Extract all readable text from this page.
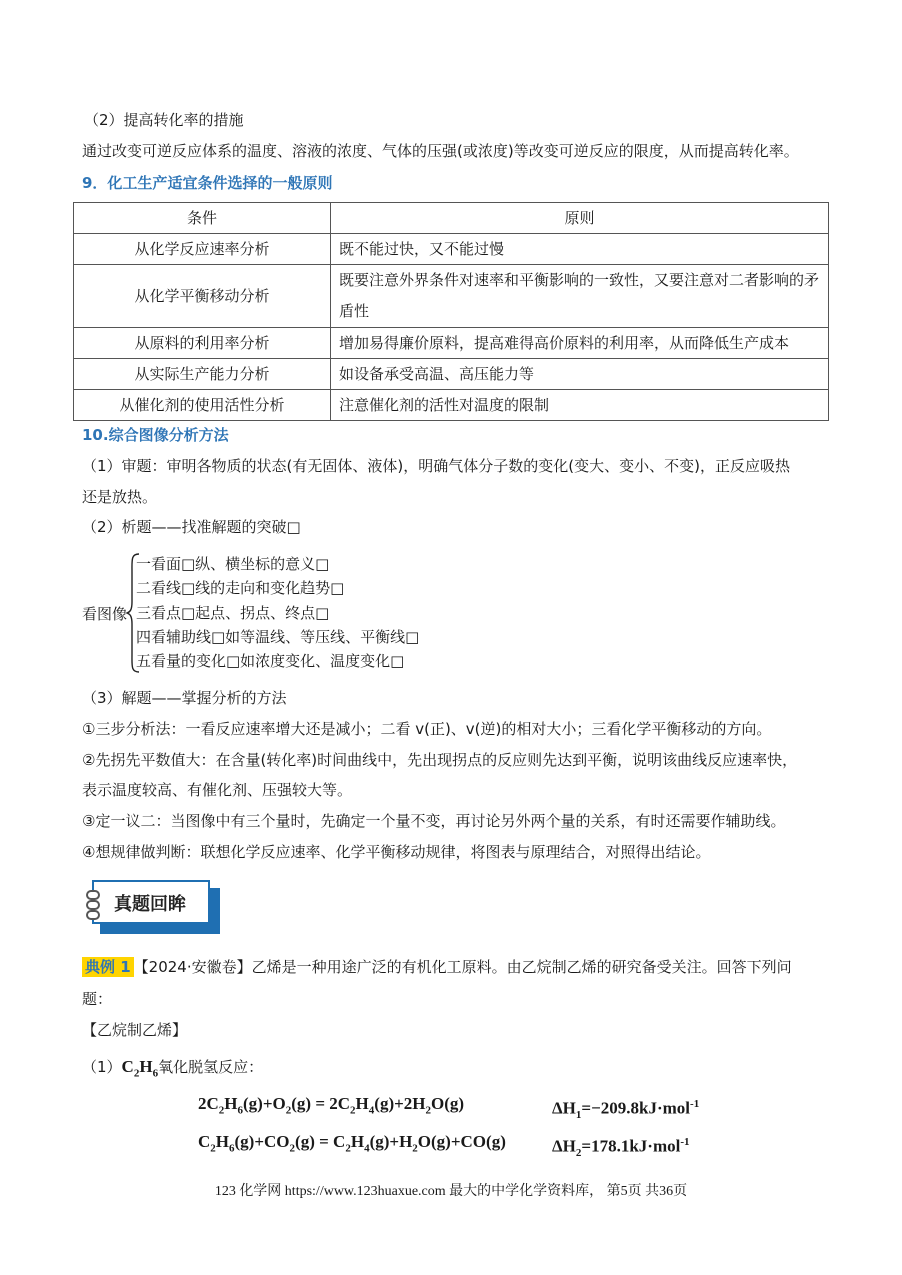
（2）提高转化率的措施
通过改变可逆反应体系的温度、溶液的浓度、气体的压强(或浓度)等改变可逆反应的限度，从而提高转化率。
9．化工生产适宜条件选择的一般原则
条件	原则
从化学反应速率分析	既不能过快，又不能过慢
从化学平衡移动分析	既要注意外界条件对速率和平衡影响的一致性，又要注意对二者影响的矛盾性
从原料的利用率分析	增加易得廉价原料，提高难得高价原料的利用率，从而降低生产成本
从实际生产能力分析	如设备承受高温、高压能力等
从催化剂的使用活性分析	注意催化剂的活性对温度的限制
10.综合图像分析方法
（1）审题：审明各物质的状态(有无固体、液体)，明确气体分子数的变化(变大、变小、不变)，正反应吸热
还是放热。
（2）析题——找准解题的突破□
看图像
一看面□纵、横坐标的意义□
二看线□线的走向和变化趋势□
三看点□起点、拐点、终点□
四看辅助线□如等温线、等压线、平衡线□
五看量的变化□如浓度变化、温度变化□
（3）解题——掌握分析的方法
①三步分析法：一看反应速率增大还是减小；二看 v(正)、v(逆)的相对大小；三看化学平衡移动的方向。
②先拐先平数值大：在含量(转化率)时间曲线中，先出现拐点的反应则先达到平衡，说明该曲线反应速率快，
表示温度较高、有催化剂、压强较大等。
③定一议二：当图像中有三个量时，先确定一个量不变，再讨论另外两个量的关系，有时还需要作辅助线。
④想规律做判断：联想化学反应速率、化学平衡移动规律，将图表与原理结合，对照得出结论。
真题回眸
典例 1 【2024·安徽卷】乙烯是一种用途广泛的有机化工原料。由乙烷制乙烯的研究备受关注。回答下列问
题：
【乙烷制乙烯】
$(1)C_2H_6$氧化脱氢反应：
$2C_2H_6(g)+O_2(g) = 2C_2H_4(g)+2H_2O(g)$	$\Delta H_1=-209.8kJ\cdot mol^{-1}$
$C_2H_6(g)+CO_2(g) = C_2H_4(g)+H_2O(g)+CO(g)$	$\Delta H_2=178.1kJ\cdot mol^{-1}$
123 化学网 https://www.123huaxue.com 最大的中学化学资料库， 第5页 共36页
